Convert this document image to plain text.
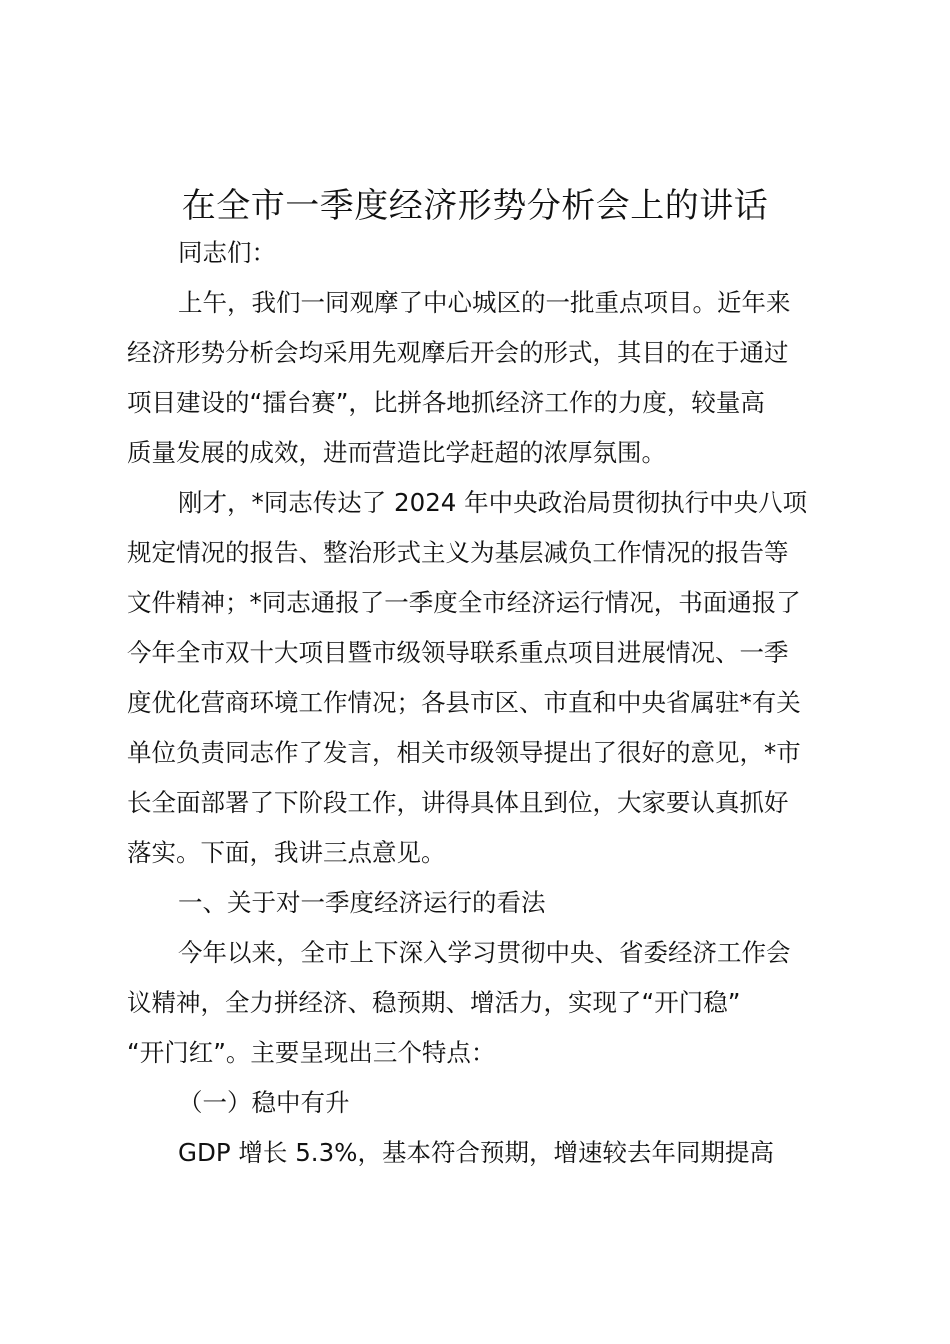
在全市一季度经济形势分析会上的讲话

同志们：

上午，我们一同观摩了中心城区的一批重点项目。近年来
经济形势分析会均采用先观摩后开会的形式，其目的在于通过
项目建设的“擂台赛”，比拼各地抓经济工作的力度，较量高
质量发展的成效，进而营造比学赶超的浓厚氛围。

刚才，*同志传达了 2024 年中央政治局贯彻执行中央八项
规定情况的报告、整治形式主义为基层减负工作情况的报告等
文件精神；*同志通报了一季度全市经济运行情况，书面通报了
今年全市双十大项目暨市级领导联系重点项目进展情况、一季
度优化营商环境工作情况；各县市区、市直和中央省属驻*有关
单位负责同志作了发言，相关市级领导提出了很好的意见，*市
长全面部署了下阶段工作，讲得具体且到位，大家要认真抓好
落实。下面，我讲三点意见。

一、关于对一季度经济运行的看法

今年以来，全市上下深入学习贯彻中央、省委经济工作会
议精神，全力拼经济、稳预期、增活力，实现了“开门稳”
“开门红”。主要呈现出三个特点：

（一）稳中有升

GDP 增长 5.3%，基本符合预期，增速较去年同期提高
